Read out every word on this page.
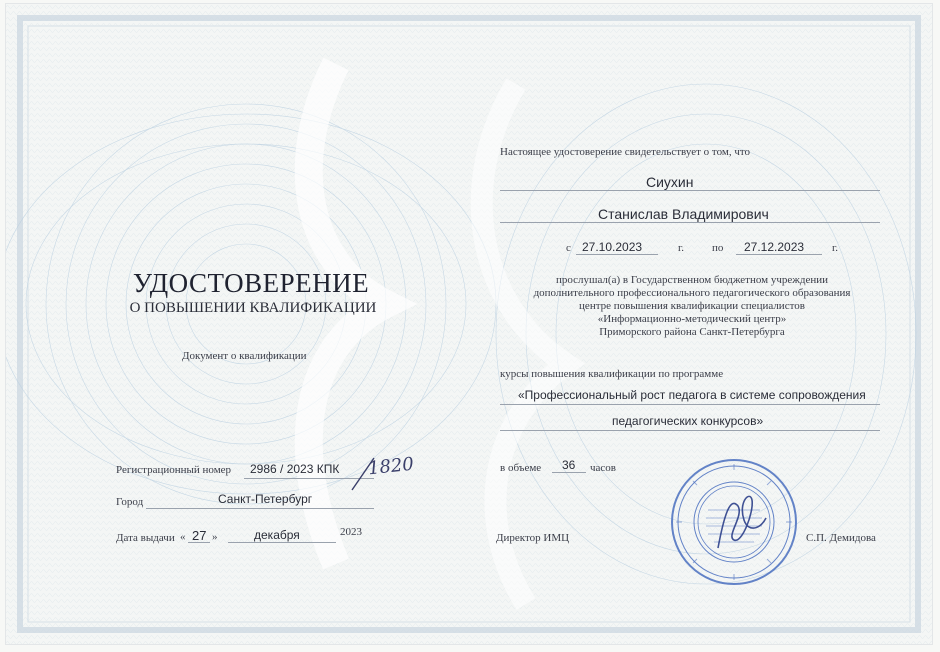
УДОСТОВЕРЕНИЕ
О ПОВЫШЕНИИ КВАЛИФИКАЦИИ
Документ о квалификации
Регистрационный номер 2986 / 2023 КПК 1820
Город	Санкт-Петербург
Дата выдачи « 27 »	декабря	2023
Настоящее удостоверение свидетельствует о том, что
Сиухин
Станислав Владимирович
с 27.10.2023	г.	по 27.12.2023	г.
прослушал(а) в Государственном бюджетном учреждении
дополнительного профессионального педагогического образования
центре повышения квалификации специалистов
«Информационно-методический центр»
Приморского района Санкт-Петербурга
курсы повышения квалификации по программе
«Профессиональный рост педагога в системе сопровождения
педагогических конкурсов»
в объеме 36 часов
Директор ИМЦ	С.П. Демидова
